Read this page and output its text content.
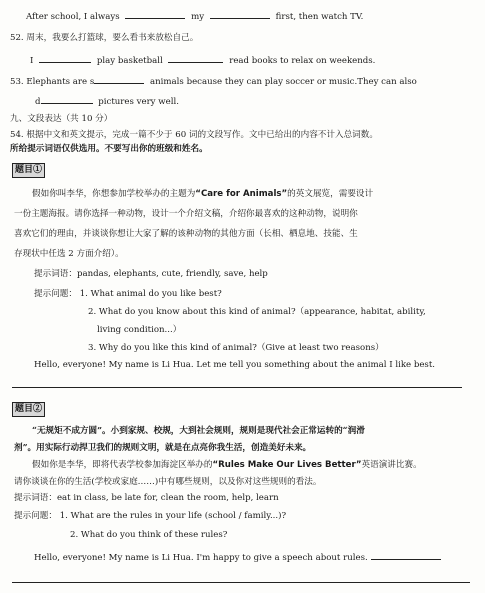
After school, I always	my	first, then watch TV.
52. 周末，我要么打篮球，要么看书来放松自己。
I	play basketball	read books to relax on weekends.
53. Elephants are s	animals because they can play soccer or music.They can also
d	pictures very well.
九、文段表达（共 10 分）
54. 根据中文和英文提示，完成一篇不少于 60 词的文段写作。文中已给出的内容不计入总词数。
所给提示词语仅供选用。不要写出你的班级和姓名。
题目①
假如你叫李华，你想参加学校举办的主题为“Care for Animals”的英文展览，需要设计
一份主题海报。请你选择一种动物，设计一个介绍文稿，介绍你最喜欢的这种动物，说明你
喜欢它们的理由，并谈谈你想让大家了解的该种动物的其他方面（长相、栖息地、技能、生
存现状中任选 2 方面介绍）。
提示词语：pandas, elephants, cute, friendly, save, help
提示问题： 1. What animal do you like best?
2. What do you know about this kind of animal?（appearance, habitat, ability,
living condition...）
3. Why do you like this kind of animal?（Give at least two reasons）
Hello, everyone! My name is Li Hua. Let me tell you something about the animal I like best.
题目②
“无规矩不成方圆”。小到家规、校规，大到社会规则，规则是现代社会正常运转的“润滑
剂”。用实际行动捍卫我们的规则文明，就是在点亮你我生活，创造美好未来。
假如你是李华，即将代表学校参加海淀区举办的“Rules Make Our Lives Better”英语演讲比赛。
请你谈谈在你的生活(学校或家庭……)中有哪些规则，以及你对这些规则的看法。
提示词语：eat in class, be late for, clean the room, help, learn
提示问题： 1. What are the rules in your life (school / family...)?
2. What do you think of these rules?
Hello, everyone! My name is Li Hua. I'm happy to give a speech about rules.
